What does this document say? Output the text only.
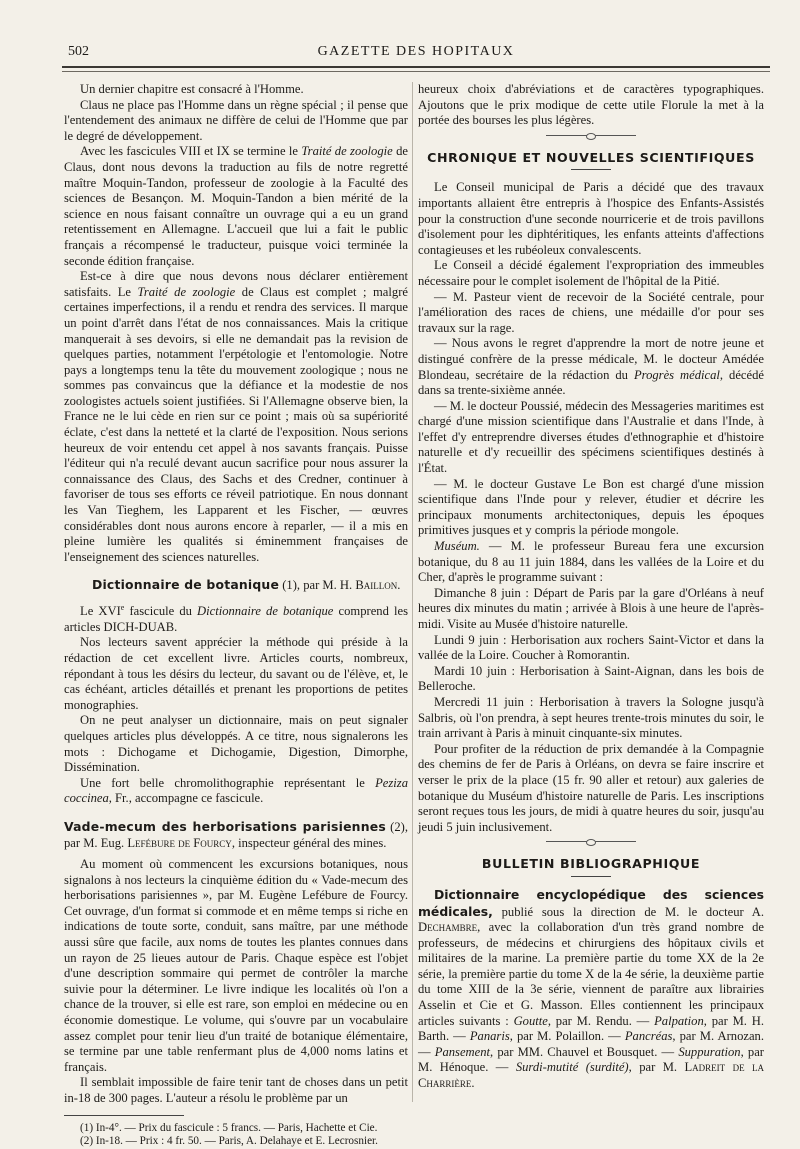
502	GAZETTE DES HOPITAUX

Un dernier chapitre est consacré à l'Homme.

Claus ne place pas l'Homme dans un règne spécial ; il pense que l'entendement des animaux ne diffère de celui de l'Homme que par le degré de développement.

Avec les fascicules VIII et IX se termine le Traité de zoologie de Claus, dont nous devons la traduction au fils de notre regretté maître Moquin-Tandon, professeur de zoologie à la Faculté des sciences de Besançon. M. Moquin-Tandon a bien mérité de la science en nous faisant connaître un ouvrage qui a eu un grand retentissement en Allemagne. L'accueil que lui a fait le public français a récompensé le traducteur, puisque voici terminée la seconde édition française.

Est-ce à dire que nous devons nous déclarer entièrement satisfaits. Le Traité de zoologie de Claus est complet ; malgré certaines imperfections, il a rendu et rendra des services. Il marque un point d'arrêt dans l'état de nos connaissances. Mais la critique manquerait à ses devoirs, si elle ne demandait pas la revision de quelques parties, notamment l'erpétologie et l'entomologie. Notre pays a longtemps tenu la tête du mouvement zoologique ; nous ne sommes pas convaincus que la défiance et la modestie de nos zoologistes actuels soient justifiées. Si l'Allemagne observe bien, la France ne le lui cède en rien sur ce point ; mais où sa supériorité éclate, c'est dans la netteté et la clarté de l'exposition. Nous serions heureux de voir entendu cet appel à nos savants français. Puisse l'éditeur qui n'a reculé devant aucun sacrifice pour nous assurer la connaissance des Claus, des Sachs et des Credner, continuer à favoriser de tous ses efforts ce réveil patriotique. En nous donnant les Van Tieghem, les Lapparent et les Fischer, — œuvres considérables dont nous aurons encore à reparler, — il a mis en pleine lumière les qualités si éminemment françaises de l'enseignement des sciences naturelles.

Dictionnaire de botanique (1), par M. H. Baillon.

Le XVIe fascicule du Dictionnaire de botanique comprend les articles DICH-DUAB.

Nos lecteurs savent apprécier la méthode qui préside à la rédaction de cet excellent livre. Articles courts, nombreux, répondant à tous les désirs du lecteur, du savant ou de l'élève, et, le cas échéant, articles détaillés et prenant les proportions de petites monographies.

On ne peut analyser un dictionnaire, mais on peut signaler quelques articles plus développés. A ce titre, nous signalerons les mots : Dichogame et Dichogamie, Digestion, Dimorphe, Dissémination.

Une fort belle chromolithographie représentant le Peziza coccinea, Fr., accompagne ce fascicule.

Vade-mecum des herborisations parisiennes (2), par M. Eug. Lefébure de Fourcy, inspecteur général des mines.

Au moment où commencent les excursions botaniques, nous signalons à nos lecteurs la cinquième édition du « Vade-mecum des herborisations parisiennes », par M. Eugène Lefébure de Fourcy. Cet ouvrage, d'un format si commode et en même temps si riche en indications de toute sorte, conduit, sans maître, par une méthode aussi sûre que facile, aux noms de toutes les plantes connues dans un rayon de 25 lieues autour de Paris. Chaque espèce est l'objet d'une description sommaire qui permet de contrôler la marche suivie pour la déterminer. Le livre indique les localités où l'on a chance de la trouver, si elle est rare, son emploi en médecine ou en économie domestique. Le volume, qui s'ouvre par un vocabulaire assez complet pour tenir lieu d'un traité de botanique élémentaire, se termine par une table renfermant plus de 4,000 noms latins et français.

Il semblait impossible de faire tenir tant de choses dans un petit in-18 de 300 pages. L'auteur a résolu le problème par un

(1) In-4°. — Prix du fascicule : 5 francs. — Paris, Hachette et Cie.

(2) In-18. — Prix : 4 fr. 50. — Paris, A. Delahaye et E. Lecrosnier.

heureux choix d'abréviations et de caractères typographiques. Ajoutons que le prix modique de cette utile Florule la met à la portée des bourses les plus légères.

CHRONIQUE ET NOUVELLES SCIENTIFIQUES

Le Conseil municipal de Paris a décidé que des travaux importants allaient être entrepris à l'hospice des Enfants-Assistés pour la construction d'une seconde nourricerie et de trois pavillons d'isolement pour les diphtéritiques, les enfants atteints d'affections contagieuses et les rubéoleux convalescents.

Le Conseil a décidé également l'expropriation des immeubles nécessaire pour le complet isolement de l'hôpital de la Pitié.

— M. Pasteur vient de recevoir de la Société centrale, pour l'amélioration des races de chiens, une médaille d'or pour ses travaux sur la rage.

— Nous avons le regret d'apprendre la mort de notre jeune et distingué confrère de la presse médicale, M. le docteur Amédée Blondeau, secrétaire de la rédaction du Progrès médical, décédé dans sa trente-sixième année.

— M. le docteur Poussié, médecin des Messageries maritimes est chargé d'une mission scientifique dans l'Australie et dans l'Inde, à l'effet d'y entreprendre diverses études d'ethnographie et d'histoire naturelle et d'y recueillir des spécimens scientifiques destinés à l'État.

— M. le docteur Gustave Le Bon est chargé d'une mission scientifique dans l'Inde pour y relever, étudier et décrire les principaux monuments architectoniques, depuis les époques primitives jusques et y compris la période mongole.

Muséum. — M. le professeur Bureau fera une excursion botanique, du 8 au 11 juin 1884, dans les vallées de la Loire et du Cher, d'après le programme suivant :

Dimanche 8 juin : Départ de Paris par la gare d'Orléans à neuf heures dix minutes du matin ; arrivée à Blois à une heure de l'après-midi. Visite au Musée d'histoire naturelle.

Lundi 9 juin : Herborisation aux rochers Saint-Victor et dans la vallée de la Loire. Coucher à Romorantin.

Mardi 10 juin : Herborisation à Saint-Aignan, dans les bois de Belleroche.

Mercredi 11 juin : Herborisation à travers la Sologne jusqu'à Salbris, où l'on prendra, à sept heures trente-trois minutes du soir, le train arrivant à Paris à minuit cinquante-six minutes.

Pour profiter de la réduction de prix demandée à la Compagnie des chemins de fer de Paris à Orléans, on devra se faire inscrire et verser le prix de la place (15 fr. 90 aller et retour) aux galeries de botanique du Muséum d'histoire naturelle de Paris. Les inscriptions seront reçues tous les jours, de midi à quatre heures du soir, jusqu'au jeudi 5 juin inclusivement.

BULLETIN BIBLIOGRAPHIQUE

Dictionnaire encyclopédique des sciences médicales, publié sous la direction de M. le docteur A. Dechambre, avec la collaboration d'un très grand nombre de professeurs, de médecins et chirurgiens des hôpitaux civils et militaires de la marine. La première partie du tome XX de la 2e série, la première partie du tome X de la 4e série, la deuxième partie du tome XIII de la 3e série, viennent de paraître aux librairies Asselin et Cie et G. Masson. Elles contiennent les principaux articles suivants : Goutte, par M. Rendu. — Palpation, par M. H. Barth. — Panaris, par M. Polaillon. — Pancréas, par M. Arnozan. — Pansement, par MM. Chauvel et Bousquet. — Suppuration, par M. Hénoque. — Surdi-mutité (surdité), par M. Ladreit de la Charrière.
